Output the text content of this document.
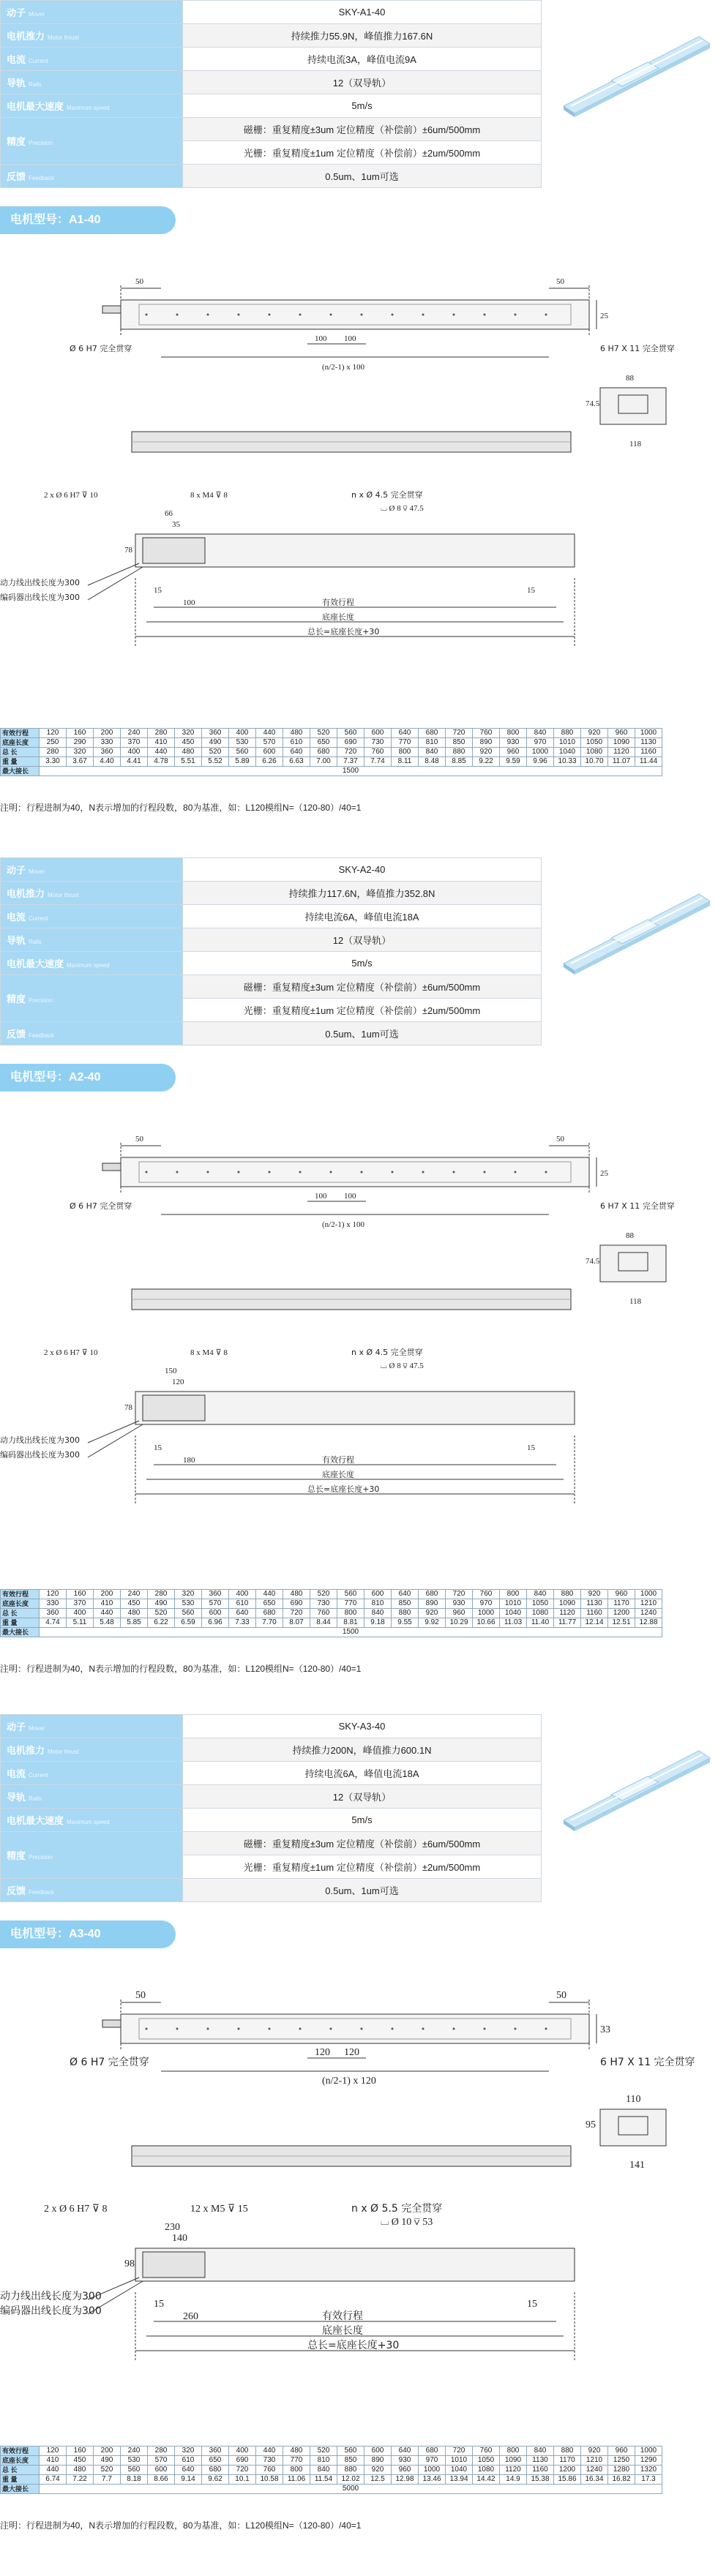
动子 Mover	SKY-A1-40
电机推力 Motor thrust	持续推力55.9N，峰值推力167.6N
电流 Current	持续电流3A，峰值电流9A
导轨 Rails	12（双导轨）
电机最大速度 Maximum speed	5m/s
精度 Precision	磁栅：重复精度±3um 定位精度（补偿前）±6um/500mm
	光栅：重复精度±1um 定位精度（补偿前）±2um/500mm
反馈 Feedback	0.5um、1um可选
电机型号：A1-40
50	50
100 100
(n/2-1) x 100
25
Ø 6 H7 完全贯穿	6 H7 X 11 完全贯穿
88
74.5
118
2 x Ø 6 H7 ⊽ 10	8 x M4 ⊽ 8	n x Ø 4.5 完全贯穿
⌴ Ø 8 ⊽ 47.5
66
35
78
15	15
100	有效行程
底座长度
总长=底座长度+30
动力线出线长度为300
编码器出线长度为300
有效行程	120	160	200	240	280	320	360	400	440	480	520	560	600	640	680	720	760	800	840	880	920	960	1000
底座长度	250	290	330	370	410	450	490	530	570	610	650	690	730	770	810	850	890	930	970	1010	1050	1090	1130
总 长	280	320	360	400	440	480	520	560	600	640	680	720	760	800	840	880	920	960	1000	1040	1080	1120	1160
重 量	3.30	3.67	4.40	4.41	4.78	5.51	5.52	5.89	6.26	6.63	7.00	7.37	7.74	8.11	8.48	8.85	9.22	9.59	9.96	10.33	10.70	11.07	11.44
最大接长	1500																						
注明：行程进制为40，N表示增加的行程段数，80为基准，如：L120模组N=（120-80）/40=1
动子 Mover	SKY-A2-40
电机推力 Motor thrust	持续推力117.6N，峰值推力352.8N
电流 Current	持续电流6A，峰值电流18A
导轨 Rails	12（双导轨）
电机最大速度 Maximum speed	5m/s
精度 Precision	磁栅：重复精度±3um 定位精度（补偿前）±6um/500mm
	光栅：重复精度±1um 定位精度（补偿前）±2um/500mm
反馈 Feedback	0.5um、1um可选
电机型号：A2-40
50	50
100 100
(n/2-1) x 100
25
Ø 6 H7 完全贯穿	6 H7 X 11 完全贯穿
88
74.5
118
2 x Ø 6 H7 ⊽ 10	8 x M4 ⊽ 8	n x Ø 4.5 完全贯穿
⌴ Ø 8 ⊽ 47.5
150
120
78
15	15
180	有效行程
底座长度
总长=底座长度+30
动力线出线长度为300
编码器出线长度为300
有效行程	120	160	200	240	280	320	360	400	440	480	520	560	600	640	680	720	760	800	840	880	920	960	1000
底座长度	330	370	410	450	490	530	570	610	650	690	730	770	810	850	890	930	970	1010	1050	1090	1130	1170	1210
总 长	360	400	440	480	520	560	600	640	680	720	760	800	840	880	920	960	1000	1040	1080	1120	1160	1200	1240
重 量	4.74	5.11	5.48	5.85	6.22	6.59	6.96	7.33	7.70	8.07	8.44	8.81	9.18	9.55	9.92	10.29	10.66	11.03	11.40	11.77	12.14	12.51	12.88
最大接长	1500																						
注明：行程进制为40，N表示增加的行程段数，80为基准，如：L120模组N=（120-80）/40=1
动子 Mover	SKY-A3-40
电机推力 Motor thrust	持续推力200N，峰值推力600.1N
电流 Current	持续电流6A，峰值电流18A
导轨 Rails	12（双导轨）
电机最大速度 Maximum speed	5m/s
精度 Precision	磁栅：重复精度±3um 定位精度（补偿前）±6um/500mm
	光栅：重复精度±1um 定位精度（补偿前）±2um/500mm
反馈 Feedback	0.5um、1um可选
电机型号：A3-40
50	50
120 120
(n/2-1) x 120
33
Ø 6 H7 完全贯穿	6 H7 X 11 完全贯穿
110
95
141
2 x Ø 6 H7 ⊽ 8	12 x M5 ⊽ 15	n x Ø 5.5 完全贯穿
⌴ Ø 10 ⊽ 53
230
140
98
15	15
260	有效行程
底座长度
总长=底座长度+30
动力线出线长度为300
编码器出线长度为300
有效行程	120	160	200	240	280	320	360	400	440	480	520	560	600	640	680	720	760	800	840	880	920	960	1000
底座长度	410	450	490	530	570	610	650	690	730	770	810	850	890	930	970	1010	1050	1090	1130	1170	1210	1250	1290
总 长	440	480	520	560	600	640	680	720	760	800	840	880	920	960	1000	1040	1080	1120	1160	1200	1240	1280	1320
重 量	6.74	7.22	7.7	8.18	8.66	9.14	9.62	10.1	10.58	11.06	11.54	12.02	12.5	12.98	13.46	13.94	14.42	14.9	15.38	15.86	16.34	16.82	17.3
最大接长	5000																						
注明：行程进制为40，N表示增加的行程段数，80为基准，如：L120模组N=（120-80）/40=1
